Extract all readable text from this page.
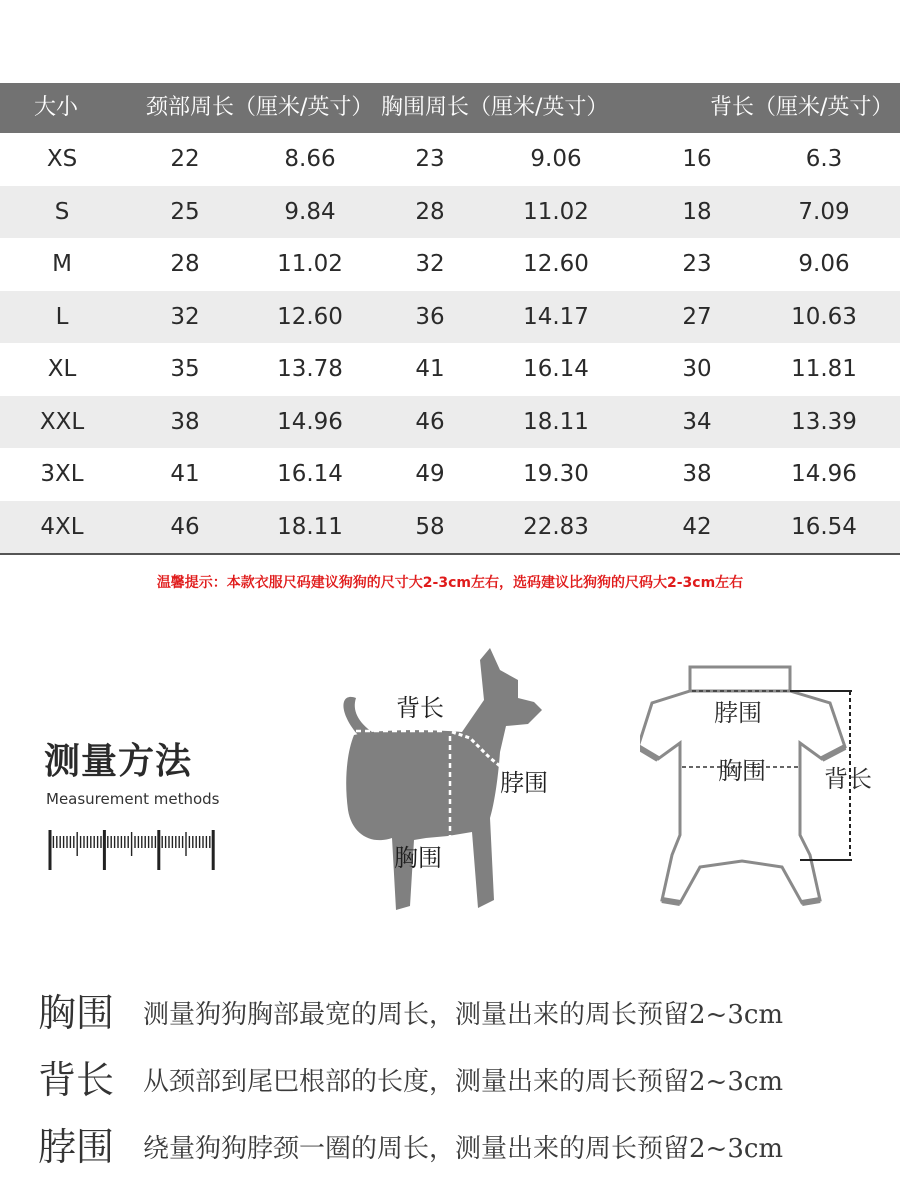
大小	颈部周长（厘米/英寸） 胸围周长（厘米/英寸）	背长（厘米/英寸）
XS	22	8.66	23	9.06	16	6.3
S	25	9.84	28	11.02	18	7.09
M	28	11.02	32	12.60	23	9.06
L	32	12.60	36	14.17	27	10.63
XL	35	13.78	41	16.14	30	11.81
XXL	38	14.96	46	18.11	34	13.39
3XL	41	16.14	49	19.30	38	14.96
4XL	46	18.11	58	22.83	42	16.54
温馨提示：本款衣服尺码建议狗狗的尺寸大2-3cm左右，选码建议比狗狗的尺码大2-3cm左右
测量方法
Measurement methods
背长
脖围
胸围
脖围
胸围 背长
胸围 测量狗狗胸部最宽的周长，测量出来的周长预留2~3cm
背长 从颈部到尾巴根部的长度，测量出来的周长预留2~3cm
脖围 绕量狗狗脖颈一圈的周长，测量出来的周长预留2~3cm
